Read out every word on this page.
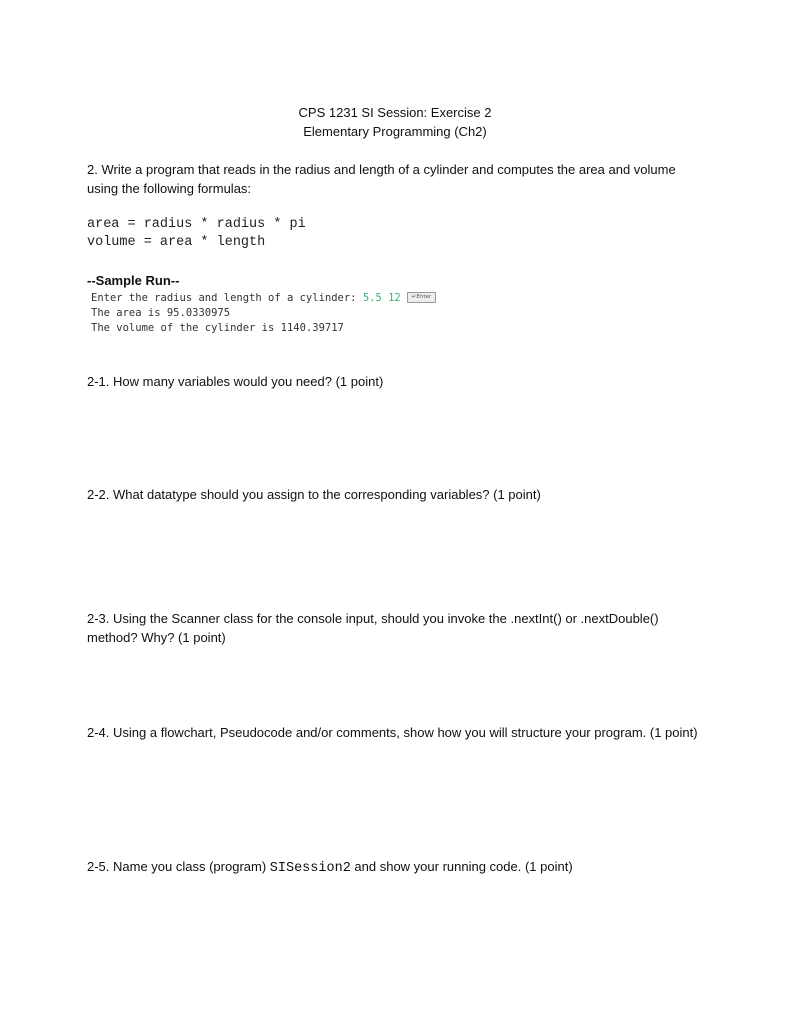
CPS 1231 SI Session: Exercise 2
Elementary Programming (Ch2)
2. Write a program that reads in the radius and length of a cylinder and computes the area and volume using the following formulas:
area = radius * radius * pi
volume = area * length
--Sample Run--
Enter the radius and length of a cylinder: 5.5 12 ↵Enter
The area is 95.0330975
The volume of the cylinder is 1140.39717
2-1. How many variables would you need? (1 point)
2-2. What datatype should you assign to the corresponding variables? (1 point)
2-3. Using the Scanner class for the console input, should you invoke the .nextInt() or .nextDouble() method? Why? (1 point)
2-4. Using a flowchart, Pseudocode and/or comments, show how you will structure your program. (1 point)
2-5. Name you class (program) SISession2 and show your running code. (1 point)
